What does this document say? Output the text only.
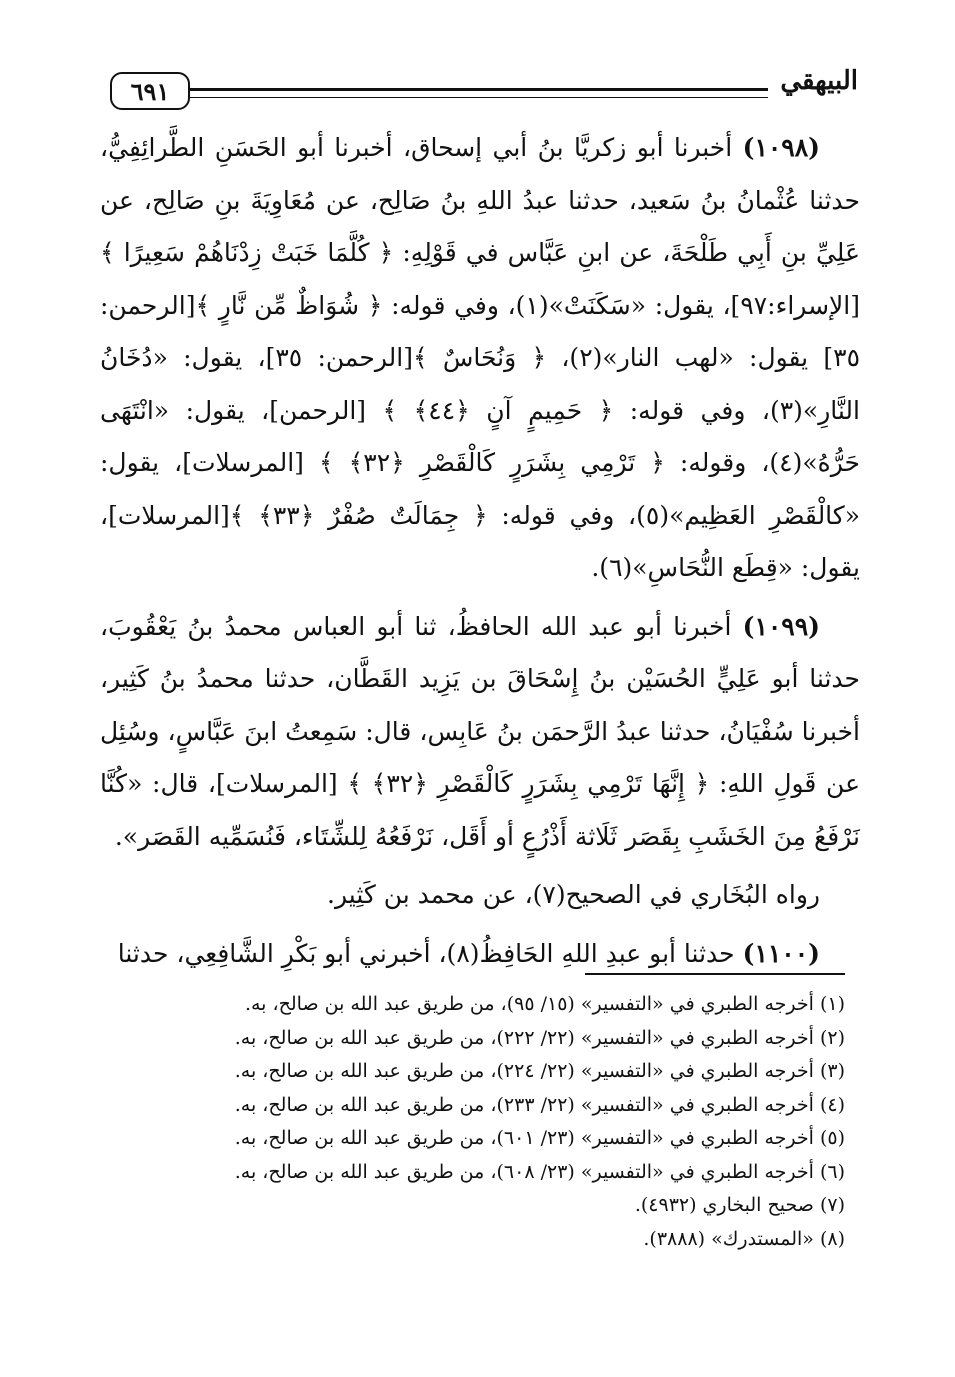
٦٩١	البيهقي

(١٠٩٨) أخبرنا أبو زكريَّا بنُ أبي إسحاق، أخبرنا أبو الحَسَنِ الطَّرائِفِيُّ، حدثنا عُثْمانُ بنُ سَعيد، حدثنا عبدُ اللهِ بنُ صَالِح، عن مُعَاوِيَةَ بنِ صَالِح، عن عَلِيِّ بنِ أَبِي طَلْحَةَ، عن ابنِ عَبَّاس في قَوْلِهِ: ﴿ كُلَّمَا خَبَتْ زِدْنَاهُمْ سَعِيرًا ﴾ [الإسراء:٩٧]، يقول: «سَكَنَتْ»(١)، وفي قوله: ﴿ شُوَاظٌ مِّن نَّارٍ ﴾[الرحمن: ٣٥] يقول: «لهب النار»(٢)، ﴿ وَنُحَاسٌ ﴾[الرحمن: ٣٥]، يقول: «دُخَانُ النَّارِ»(٣)، وفي قوله: ﴿ حَمِيمٍ آنٍ ﴿٤٤﴾ ﴾ [الرحمن]، يقول: «انْتَهَى حَرُّهُ»(٤)، وقوله: ﴿ تَرْمِي بِشَرَرٍ كَالْقَصْرِ ﴿٣٢﴾ ﴾ [المرسلات]، يقول: «كالْقَصْرِ العَظِيم»(٥)، وفي قوله: ﴿ جِمَالَتٌ صُفْرٌ ﴿٣٣﴾ ﴾[المرسلات]، يقول: «قِطَع النُّحَاسِ»(٦).

(١٠٩٩) أخبرنا أبو عبد الله الحافظُ، ثنا أبو العباس محمدُ بنُ يَعْقُوبَ، حدثنا أبو عَلِيٍّ الحُسَيْن بنُ إِسْحَاقَ بن يَزِيد القَطَّان، حدثنا محمدُ بنُ كَثِير، أخبرنا سُفْيَانُ، حدثنا عبدُ الرَّحمَن بنُ عَابِس، قال: سَمِعتُ ابنَ عَبَّاسٍ، وسُئِل عن قَولِ اللهِ: ﴿ إِنَّهَا تَرْمِي بِشَرَرٍ كَالْقَصْرِ ﴿٣٢﴾ ﴾ [المرسلات]، قال: «كُنَّا نَرْفَعُ مِنَ الخَشَبِ بِقَصَر ثَلَاثة أَذْرُعٍ أو أَقَل، نَرْفَعُهُ لِلشِّتَاء، فَنُسَمِّيه القَصَر».

رواه البُخَاري في الصحيح(٧)، عن محمد بن كَثِير.

(١١٠٠) حدثنا أبو عبدِ اللهِ الحَافِظُ(٨)، أخبرني أبو بَكْرِ الشَّافِعِي، حدثنا

(١) أخرجه الطبري في «التفسير» (١٥/ ٩٥)، من طريق عبد الله بن صالح، به.

(٢) أخرجه الطبري في «التفسير» (٢٢/ ٢٢٢)، من طريق عبد الله بن صالح، به.

(٣) أخرجه الطبري في «التفسير» (٢٢/ ٢٢٤)، من طريق عبد الله بن صالح، به.

(٤) أخرجه الطبري في «التفسير» (٢٢/ ٢٣٣)، من طريق عبد الله بن صالح، به.

(٥) أخرجه الطبري في «التفسير» (٢٣/ ٦٠١)، من طريق عبد الله بن صالح، به.

(٦) أخرجه الطبري في «التفسير» (٢٣/ ٦٠٨)، من طريق عبد الله بن صالح، به.

(٧) صحيح البخاري (٤٩٣٢).

(٨) «المستدرك» (٣٨٨٨).
